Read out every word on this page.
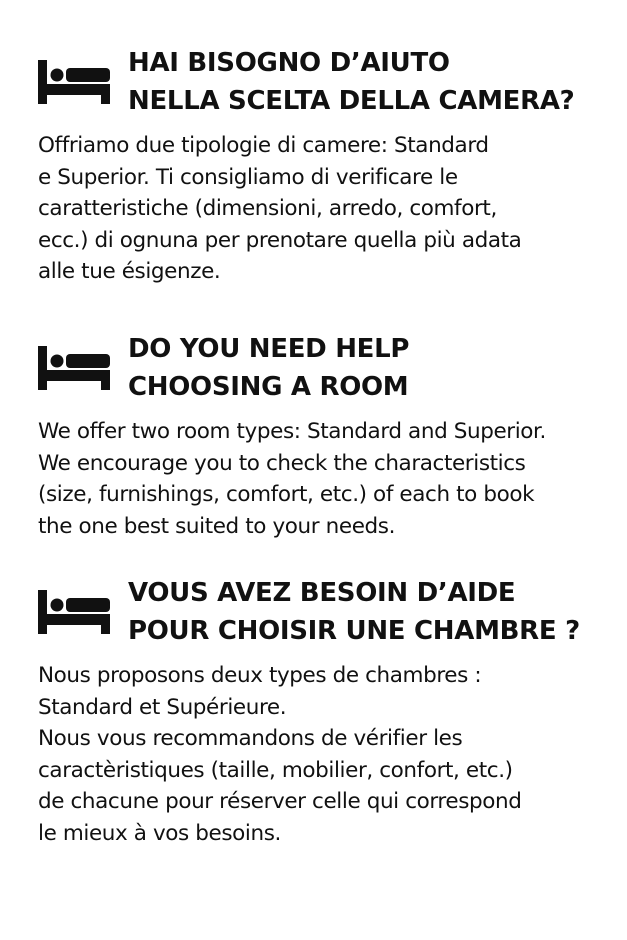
HAI BISOGNO D’AIUTO
NELLA SCELTA DELLA CAMERA?
Offriamo due tipologie di camere: Standard
e Superior. Ti consigliamo di verificare le
caratteristiche (dimensioni, arredo, comfort,
ecc.) di ognuna per prenotare quella più adata
alle tue ésigenze.
DO YOU NEED HELP
CHOOSING A ROOM
We offer two room types: Standard and Superior.
We encourage you to check the characteristics
(size, furnishings, comfort, etc.) of each to book
the one best suited to your needs.
VOUS AVEZ BESOIN D’AIDE
POUR CHOISIR UNE CHAMBRE ?
Nous proposons deux types de chambres :
Standard et Supérieure.
Nous vous recommandons de vérifier les
caractèristiques (taille, mobilier, confort, etc.)
de chacune pour réserver celle qui correspond
le mieux à vos besoins.
